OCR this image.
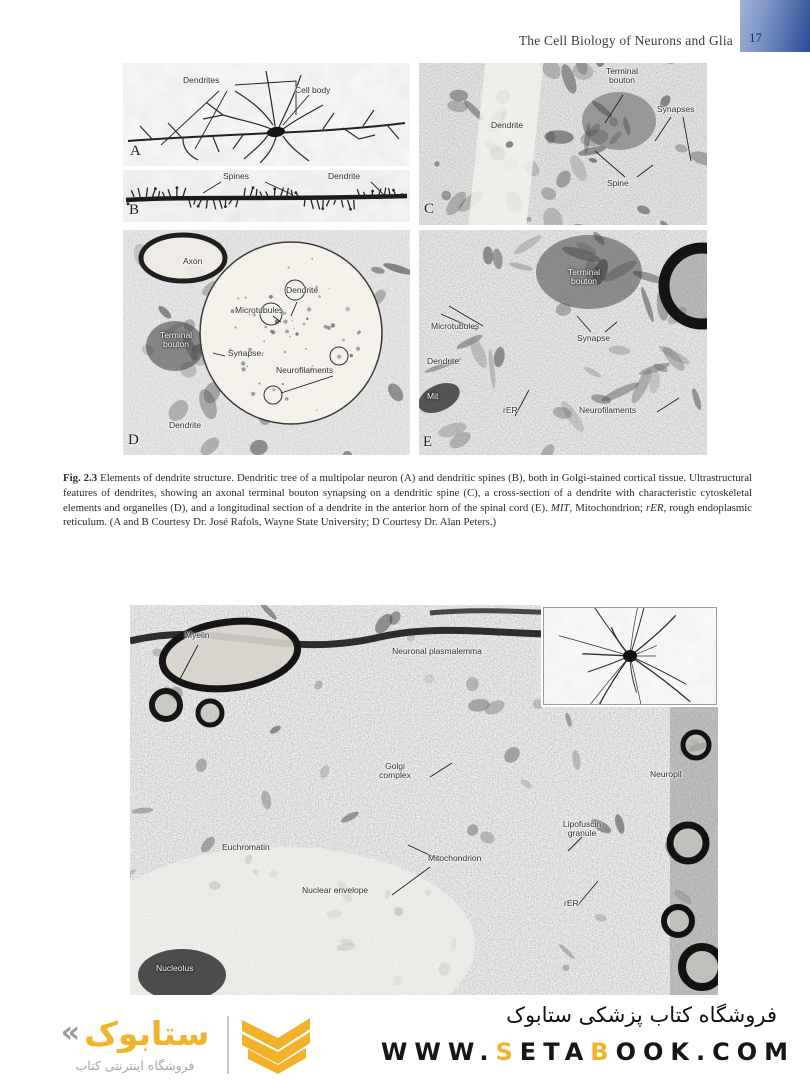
The Cell Biology of Neurons and Glia	17
Dendrites
Cell body
A
Spines	Dendrite
B
Dendrite
Terminal bouton
Synapses
Spine
C
Axon
Dendrite
Microtubules
Terminal bouton
Synapse
Neurofilaments
Dendrite
D
Terminal bouton
Microtubules
Synapse
Dendrite
Mit
rER	Neurofilaments
E

Fig. 2.3 Elements of dendrite structure. Dendritic tree of a multipolar neuron (A) and dendritic spines (B), both in Golgi-stained cortical tissue. Ultrastructural features of dendrites, showing an axonal terminal bouton synapsing on a dendritic spine (C), a cross-section of a dendrite with characteristic cytoskeletal elements and organelles (D), and a longitudinal section of a dendrite in the anterior horn of the spinal cord (E). MIT, Mitochondrion; rER, rough endoplasmic reticulum. (A and B Courtesy Dr. José Rafols, Wayne State University; D Courtesy Dr. Alan Peters.)

Myelin
Neuronal plasmalemma
Golgi complex	Neuropil
Lipofuscin granule
Mitochondrion
Euchromatin
Nuclear envelope
rER
Nucleolus
« ستابوک
فروشگاه اینترنتی کتاب
فروشگاه کتاب پزشکی ستابوک
WWW.SETABOOK.COM
